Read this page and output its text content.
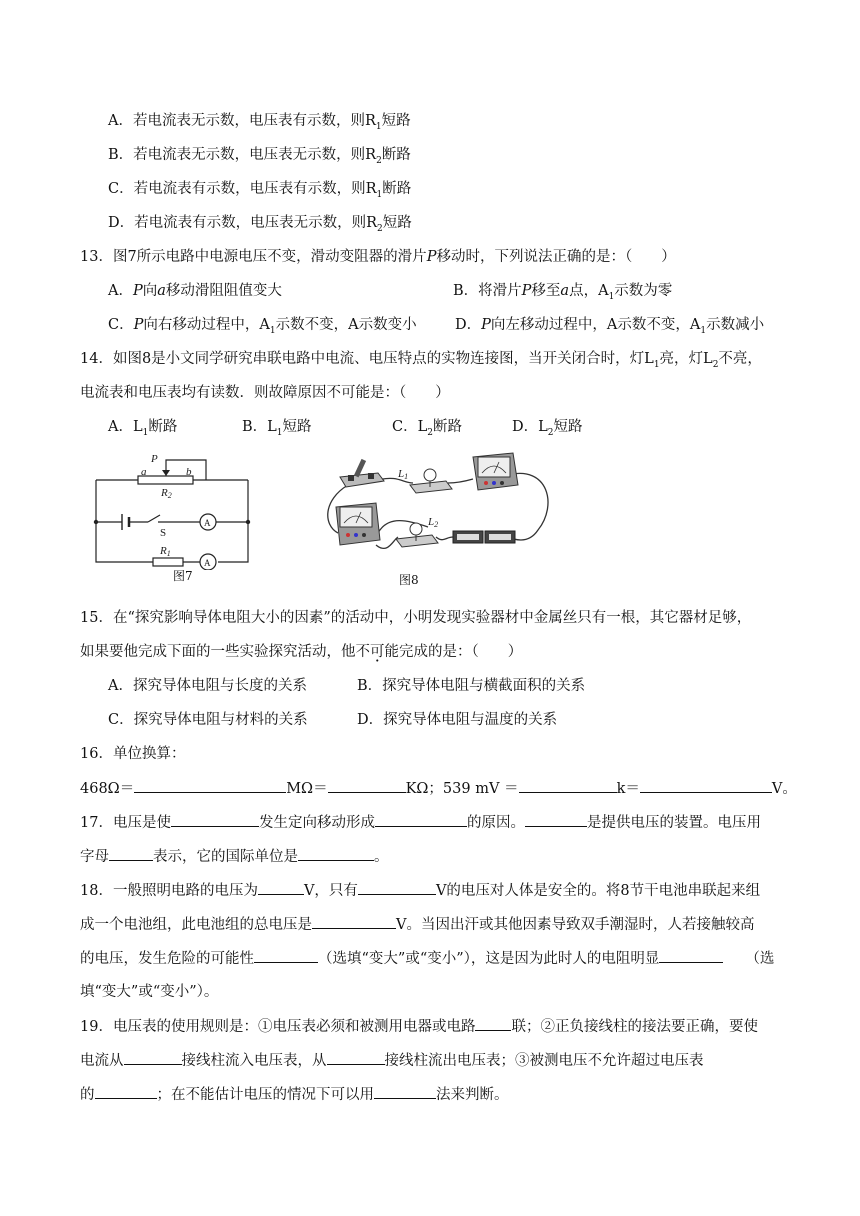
A．若电流表无示数，电压表有示数，则$R_1$短路
B．若电流表无示数，电压表无示数，则$R_2$断路
C．若电流表有示数，电压表有示数，则$R_1$断路
D．若电流表有示数，电压表无示数，则$R_2$短路
13．图7所示电路中电源电压不变，滑动变阻器的滑片P移动时，下列说法正确的是：（　　）
A．P向a移动滑阻阻值变大	B．将滑片P移至a点，$A_1$示数为零
C．P向右移动过程中，$A_1$示数不变，A示数变小	D．P向左移动过程中，A示数不变，$A_1$示数减小
14．如图8是小文同学研究串联电路中电流、电压特点的实物连接图，当开关闭合时，灯$L_1$亮，灯$L_2$不亮，
电流表和电压表均有读数．则故障原因不可能是：（　　）
A．$L_1$断路	B．$L_1$短路	C．$L_2$断路	D．$L_2$短路
P
a	b
R2
S
A
A
R1
图7
L1
L2
图8
15．在“探究影响导体电阻大小的因素”的活动中，小明发现实验器材中金属丝只有一根，其它器材足够，
如果要他完成下面的一些实验探究活动，他不可能完成的是：（　　）
A．探究导体电阻与长度的关系	B．探究导体电阻与横截面积的关系
C．探究导体电阻与材料的关系	D．探究导体电阻与温度的关系
16．单位换算：
468Ω＝	MΩ＝	KΩ；539 mV ＝	k＝	V。
17．电压是使	发生定向移动形成	的原因。	是提供电压的装置。电压用
字母	表示，它的国际单位是	。
18．一般照明电路的电压为	V，只有	V的电压对人体是安全的。将8节干电池串联起来组
成一个电池组，此电池组的总电压是	V。当因出汗或其他因素导致双手潮湿时，人若接触较高
的电压，发生危险的可能性	（选填“变大”或“变小”），这是因为此时人的电阻明显	（选
填“变大”或“变小”）。
19．电压表的使用规则是：①电压表必须和被测用电器或电路 联；②正负接线柱的接法要正确，要使
电流从	接线柱流入电压表，从	接线柱流出电压表；③被测电压不允许超过电压表
的	；在不能估计电压的情况下可以用	法来判断。
